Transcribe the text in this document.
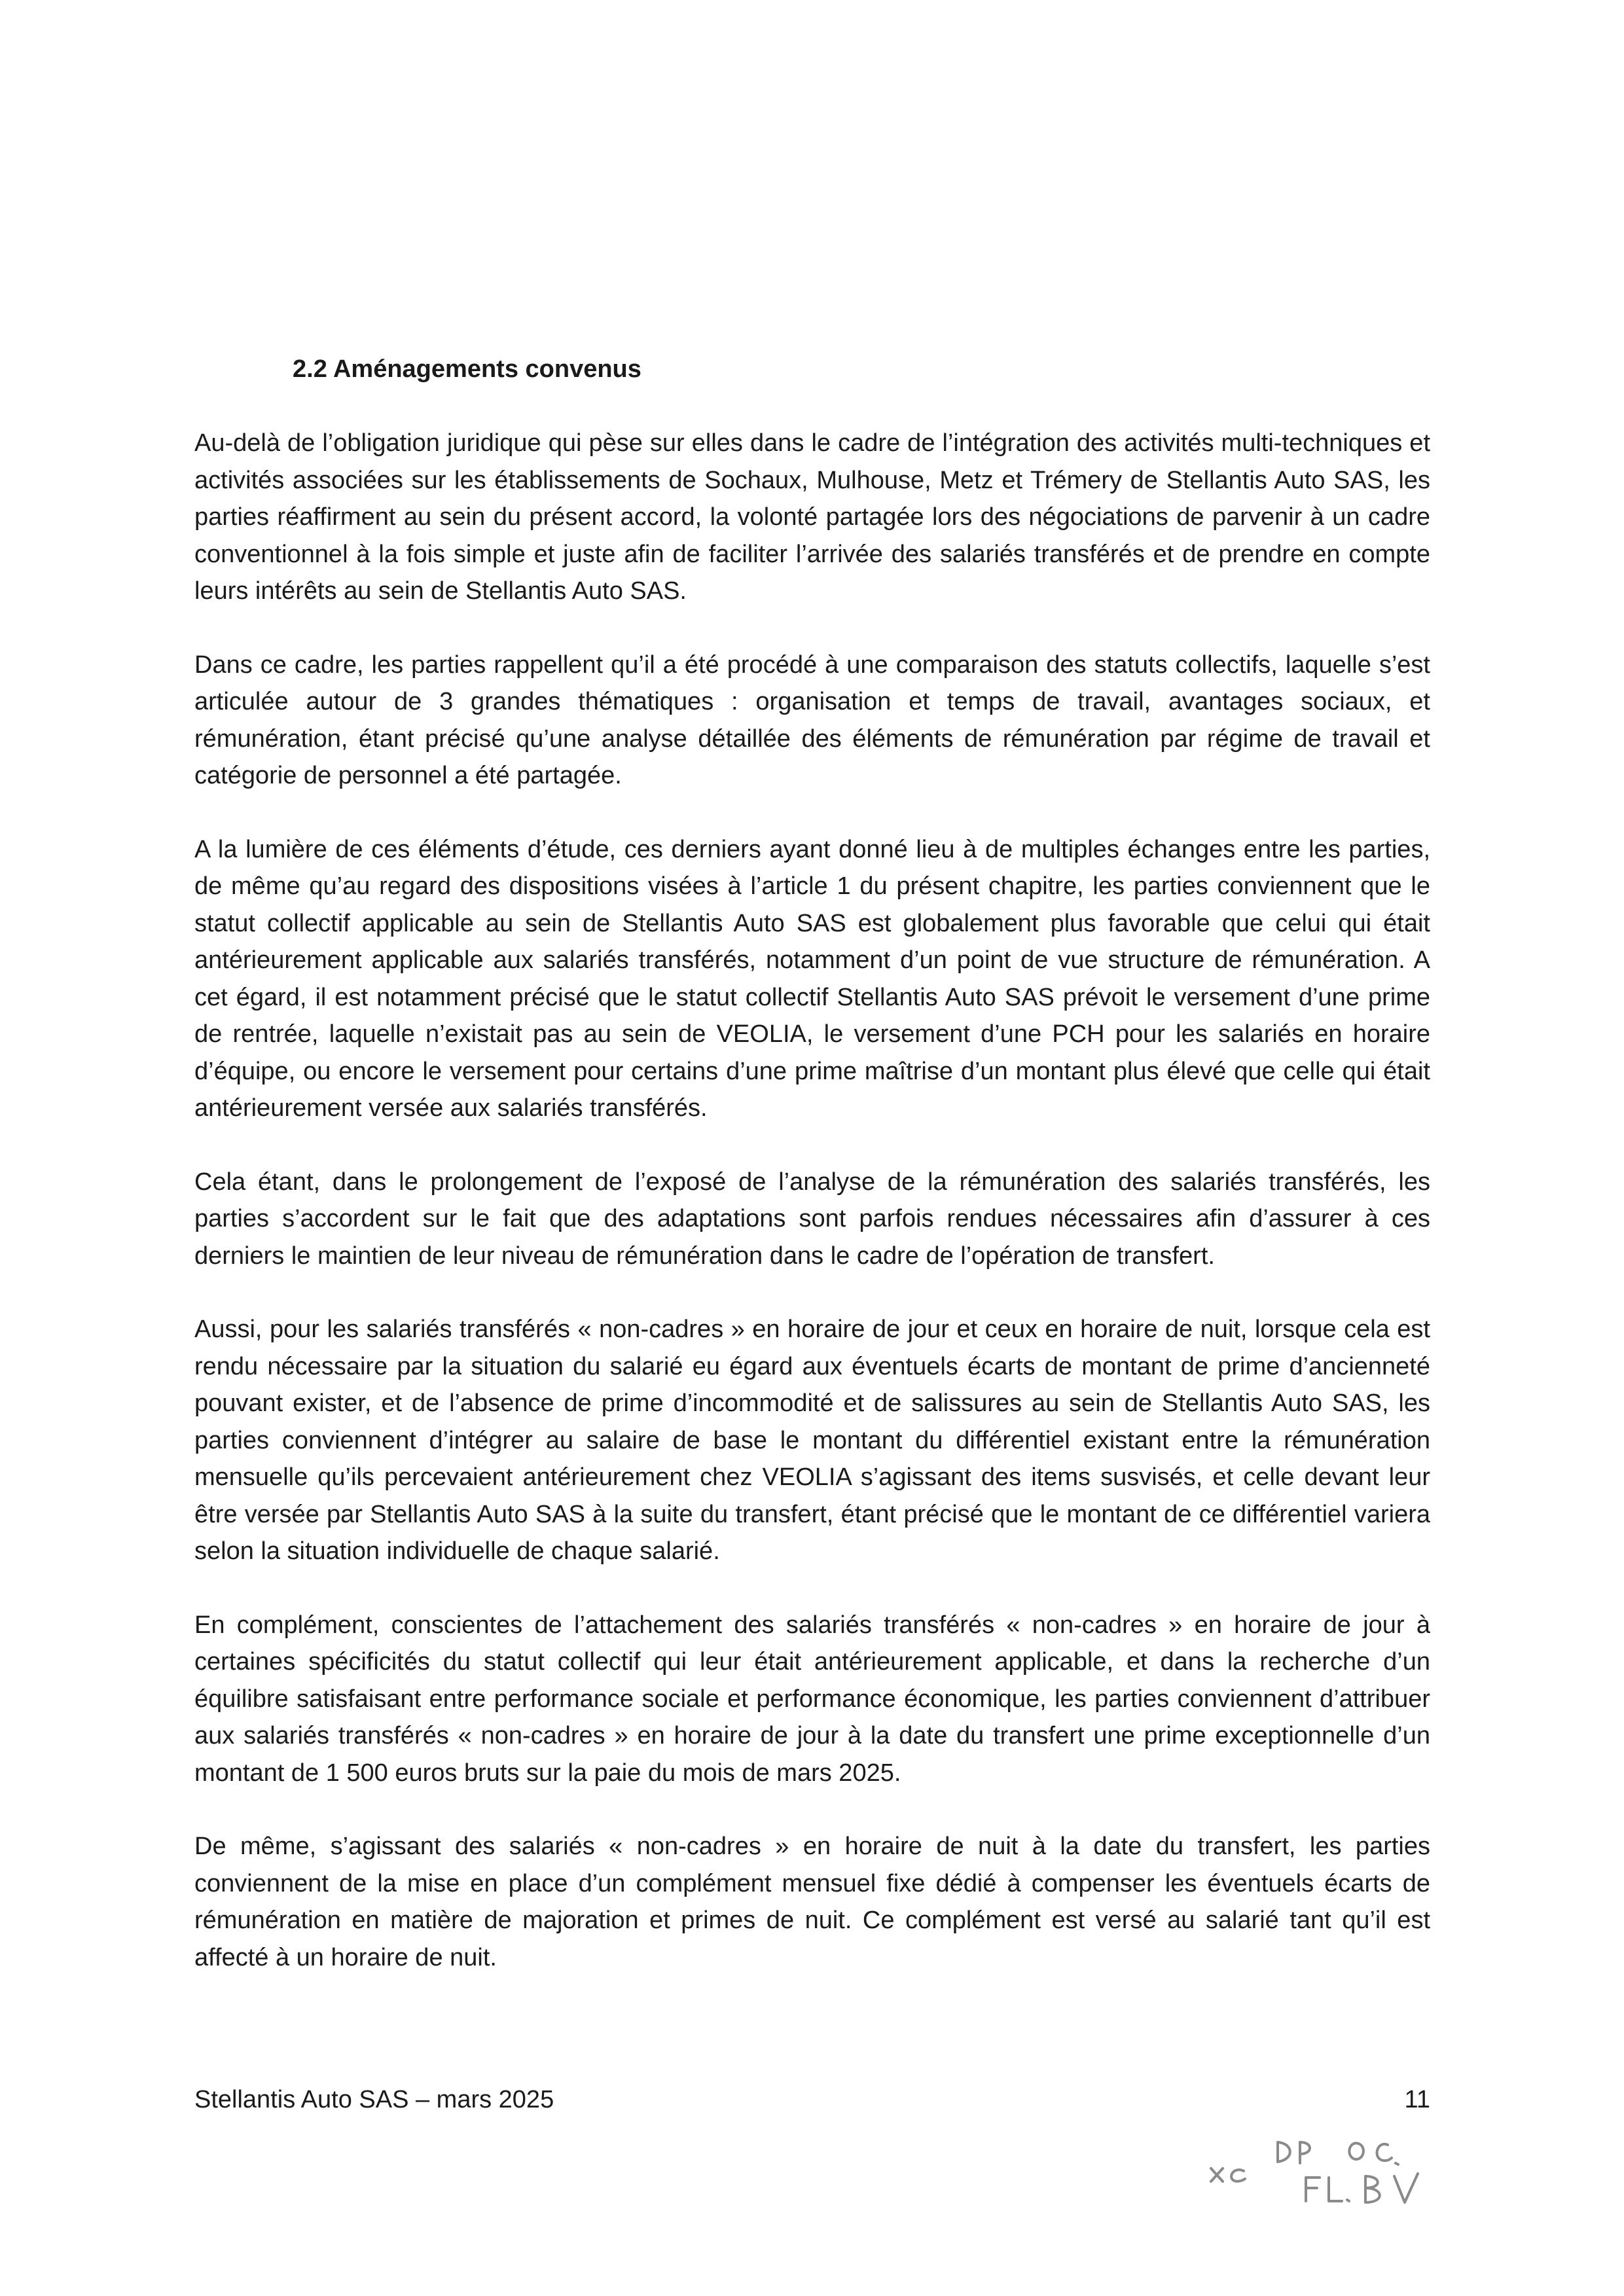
2.2 Aménagements convenus

Au-delà de l’obligation juridique qui pèse sur elles dans le cadre de l’intégration des activités multi-techniques et activités associées sur les établissements de Sochaux, Mulhouse, Metz et Trémery de Stellantis Auto SAS, les parties réaffirment au sein du présent accord, la volonté partagée lors des négociations de parvenir à un cadre conventionnel à la fois simple et juste afin de faciliter l’arrivée des salariés transférés et de prendre en compte leurs intérêts au sein de Stellantis Auto SAS.

Dans ce cadre, les parties rappellent qu’il a été procédé à une comparaison des statuts collectifs, laquelle s’est articulée autour de 3 grandes thématiques : organisation et temps de travail, avantages sociaux, et rémunération, étant précisé qu’une analyse détaillée des éléments de rémunération par régime de travail et catégorie de personnel a été partagée.

A la lumière de ces éléments d’étude, ces derniers ayant donné lieu à de multiples échanges entre les parties, de même qu’au regard des dispositions visées à l’article 1 du présent chapitre, les parties conviennent que le statut collectif applicable au sein de Stellantis Auto SAS est globalement plus favorable que celui qui était antérieurement applicable aux salariés transférés, notamment d’un point de vue structure de rémunération. A cet égard, il est notamment précisé que le statut collectif Stellantis Auto SAS prévoit le versement d’une prime de rentrée, laquelle n’existait pas au sein de VEOLIA, le versement d’une PCH pour les salariés en horaire d’équipe, ou encore le versement pour certains d’une prime maîtrise d’un montant plus élevé que celle qui était antérieurement versée aux salariés transférés.

Cela étant, dans le prolongement de l’exposé de l’analyse de la rémunération des salariés transférés, les parties s’accordent sur le fait que des adaptations sont parfois rendues nécessaires afin d’assurer à ces derniers le maintien de leur niveau de rémunération dans le cadre de l’opération de transfert.

Aussi, pour les salariés transférés « non-cadres » en horaire de jour et ceux en horaire de nuit, lorsque cela est rendu nécessaire par la situation du salarié eu égard aux éventuels écarts de montant de prime d’ancienneté pouvant exister, et de l’absence de prime d’incommodité et de salissures au sein de Stellantis Auto SAS, les parties conviennent d’intégrer au salaire de base le montant du différentiel existant entre la rémunération mensuelle qu’ils percevaient antérieurement chez VEOLIA s’agissant des items susvisés, et celle devant leur être versée par Stellantis Auto SAS à la suite du transfert, étant précisé que le montant de ce différentiel variera selon la situation individuelle de chaque salarié.

En complément, conscientes de l’attachement des salariés transférés « non-cadres » en horaire de jour à certaines spécificités du statut collectif qui leur était antérieurement applicable, et dans la recherche d’un équilibre satisfaisant entre performance sociale et performance économique, les parties conviennent d’attribuer aux salariés transférés « non-cadres » en horaire de jour à la date du transfert une prime exceptionnelle d’un montant de 1 500 euros bruts sur la paie du mois de mars 2025.

De même, s’agissant des salariés « non-cadres » en horaire de nuit à la date du transfert, les parties conviennent de la mise en place d’un complément mensuel fixe dédié à compenser les éventuels écarts de rémunération en matière de majoration et primes de nuit. Ce complément est versé au salarié tant qu’il est affecté à un horaire de nuit.

Stellantis Auto SAS – mars 2025	11
